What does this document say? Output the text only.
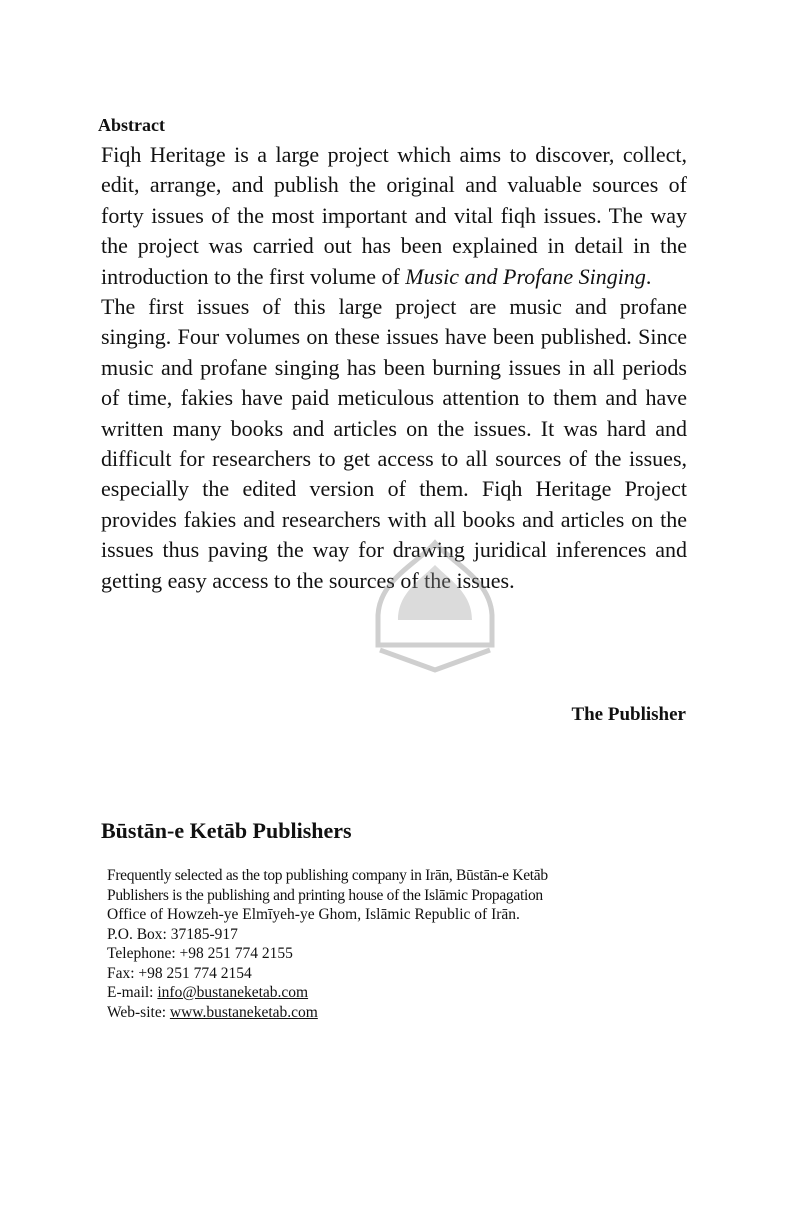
Abstract

Fiqh Heritage is a large project which aims to discover, collect, edit, arrange, and publish the original and valuable sources of forty issues of the most important and vital fiqh issues. The way the project was carried out has been explained in detail in the introduction to the first volume of Music and Profane Singing.

The first issues of this large project are music and profane singing. Four volumes on these issues have been published. Since music and profane singing has been burning issues in all periods of time, fakies have paid meticulous attention to them and have written many books and articles on the issues. It was hard and difficult for researchers to get access to all sources of the issues, especially the edited version of them. Fiqh Heritage Project provides fakies and researchers with all books and articles on the issues thus paving the way for drawing juridical inferences and getting easy access to the sources of the issues.

The Publisher
Būstān-e Ketāb Publishers
Frequently selected as the top publishing company in Irān, Būstān-e Ketāb
Publishers is the publishing and printing house of the Islāmic Propagation
Office of Howzeh-ye Elmīyeh-ye Ghom, Islāmic Republic of Irān.
P.O. Box: 37185-917
Telephone: +98 251 774 2155
Fax: +98 251 774 2154
E-mail: info@bustaneketab.com
Web-site: www.bustaneketab.com
